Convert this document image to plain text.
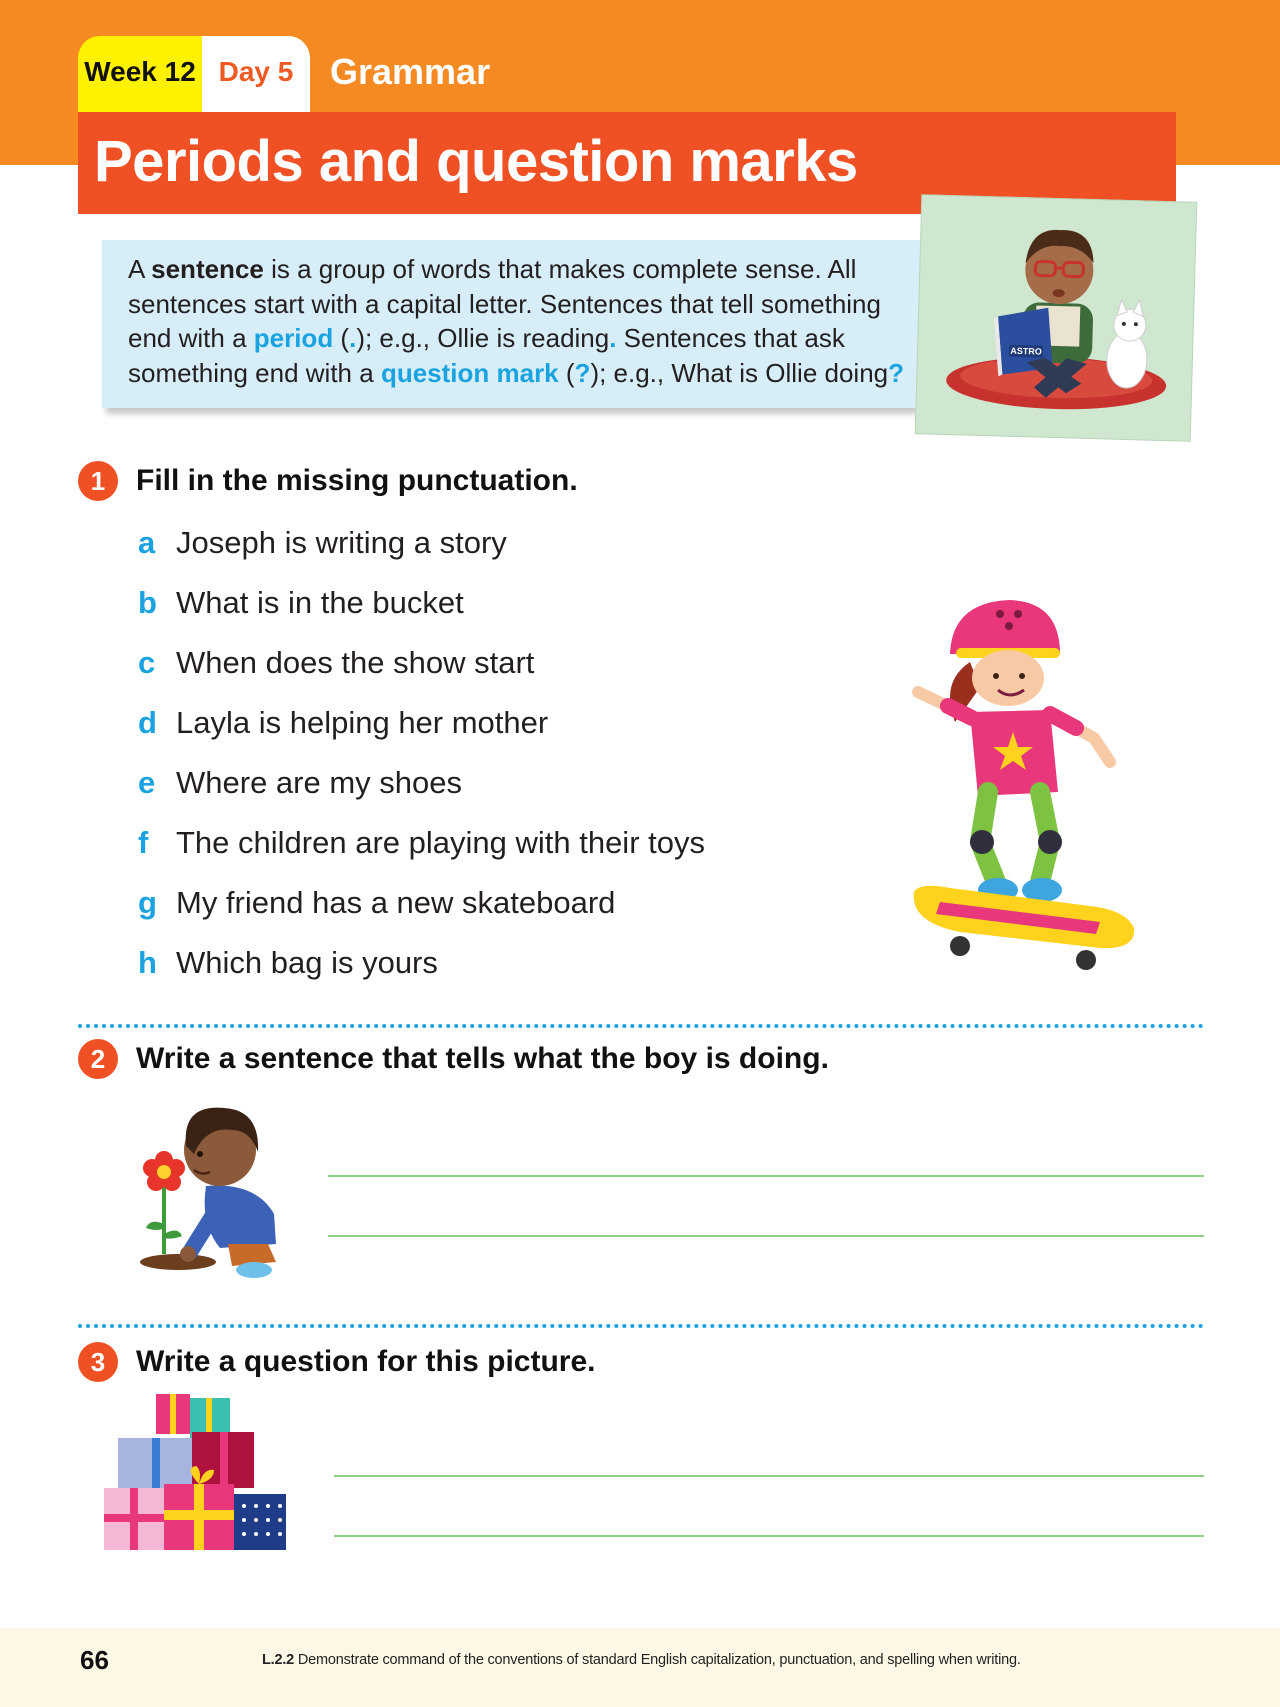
Week 12 Day 5	Grammar
Periods and question marks
A sentence is a group of words that makes complete sense. All sentences start with a capital letter. Sentences that tell something end with a period (.); e.g., Ollie is reading. Sentences that ask something end with a question mark (?); e.g., What is Ollie doing?
ASTRO
1	Fill in the missing punctuation.
a Joseph is writing a story
b What is in the bucket
c When does the show start
d Layla is helping her mother
e Where are my shoes
f The children are playing with their toys
g My friend has a new skateboard
h Which bag is yours
2	Write a sentence that tells what the boy is doing.
3	Write a question for this picture.
66	L.2.2 Demonstrate command of the conventions of standard English capitalization, punctuation, and spelling when writing.
